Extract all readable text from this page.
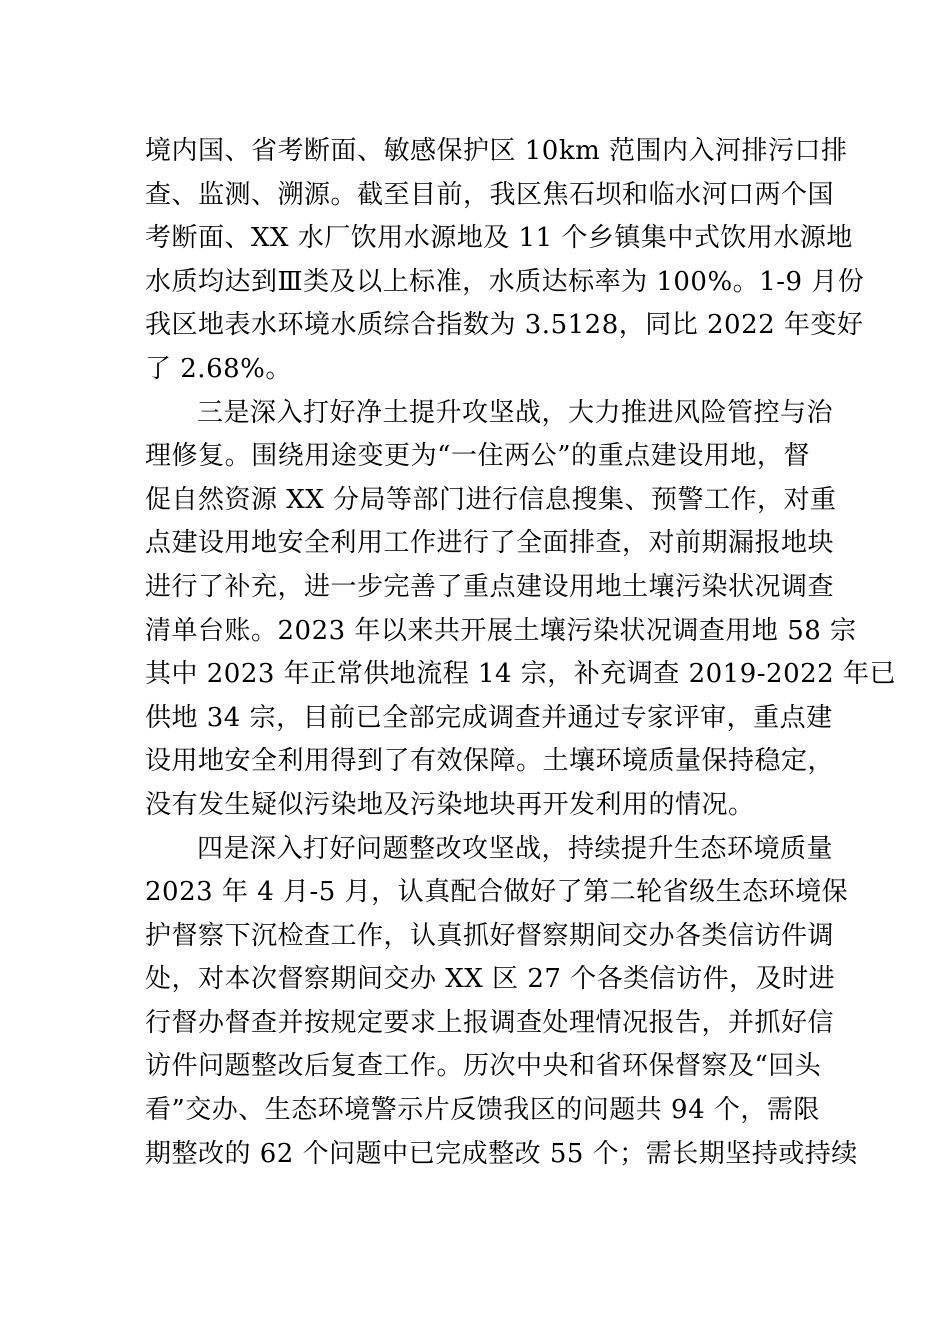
境内国、省考断面、敏感保护区 10km 范围内入河排污口排
查、监测、溯源。截至目前，我区焦石坝和临水河口两个国
考断面、XX 水厂饮用水源地及 11 个乡镇集中式饮用水源地
水质均达到Ⅲ类及以上标准，水质达标率为 100%。1-9 月份
我区地表水环境水质综合指数为 3.5128，同比 2022 年变好
了 2.68%。
三是深入打好净土提升攻坚战，大力推进风险管控与治
理修复。围绕用途变更为“一住两公”的重点建设用地，督
促自然资源 XX 分局等部门进行信息搜集、预警工作，对重
点建设用地安全利用工作进行了全面排查，对前期漏报地块
进行了补充，进一步完善了重点建设用地土壤污染状况调查
清单台账。2023 年以来共开展土壤污染状况调查用地 58 宗
其中 2023 年正常供地流程 14 宗，补充调查 2019-2022 年已
供地 34 宗，目前已全部完成调查并通过专家评审，重点建
设用地安全利用得到了有效保障。土壤环境质量保持稳定，
没有发生疑似污染地及污染地块再开发利用的情况。
四是深入打好问题整改攻坚战，持续提升生态环境质量
2023 年 4 月-5 月，认真配合做好了第二轮省级生态环境保
护督察下沉检查工作，认真抓好督察期间交办各类信访件调
处，对本次督察期间交办 XX 区 27 个各类信访件，及时进
行督办督查并按规定要求上报调查处理情况报告，并抓好信
访件问题整改后复查工作。历次中央和省环保督察及“回头
看”交办、生态环境警示片反馈我区的问题共 94 个，需限
期整改的 62 个问题中已完成整改 55 个；需长期坚持或持续
